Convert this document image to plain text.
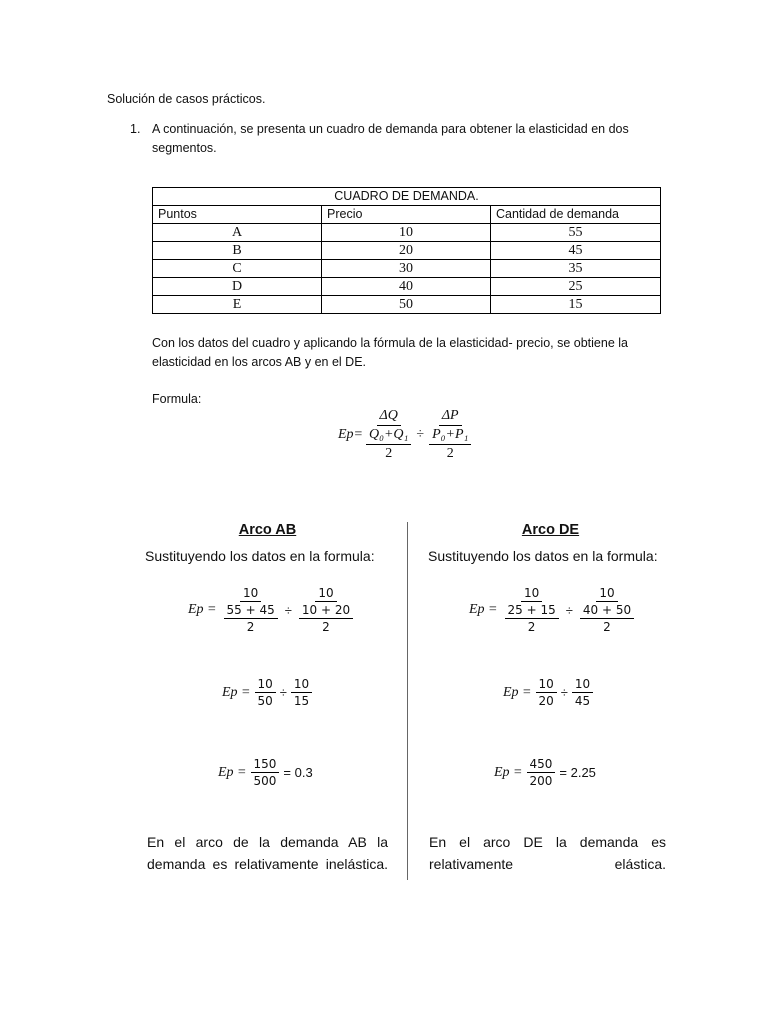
Solución de casos prácticos.
1. A continuación, se presenta un cuadro de demanda para obtener la elasticidad en dos segmentos.
CUADRO DE DEMANDA.		
Puntos	Precio	Cantidad de demanda
A	10	55
B	20	45
C	30	35
D	40	25
E	50	15
Con los datos del cuadro y aplicando la fórmula de la elasticidad- precio, se obtiene la elasticidad en los arcos AB y en el DE.
Formula:
$Ep= \frac{\Delta Q}{\frac{\text{Q₀+Q₁}}{2}} \div \frac{\Delta P}{\frac{\text{P₀+P₁}}{2}}$
Arco AB
Sustituyendo los datos en la formula:
$Ep = \frac{10}{\frac{55 + 45}{2}} \div \frac{10}{\frac{10 + 20}{2}}$
$Ep = \frac{10}{50} \div \frac{10}{15}$
$Ep = \frac{150}{500} = 0.3$
En el arco de la demanda AB la demanda es relativamente inelástica.
Arco DE
Sustituyendo los datos en la formula:
$Ep = \frac{10}{\frac{25 + 15}{2}} \div \frac{10}{\frac{40 + 50}{2}}$
$Ep = \frac{10}{20} \div \frac{10}{45}$
$Ep = \frac{450}{200} = 2.25$
En el arco DE la demanda es relativamente elástica.
